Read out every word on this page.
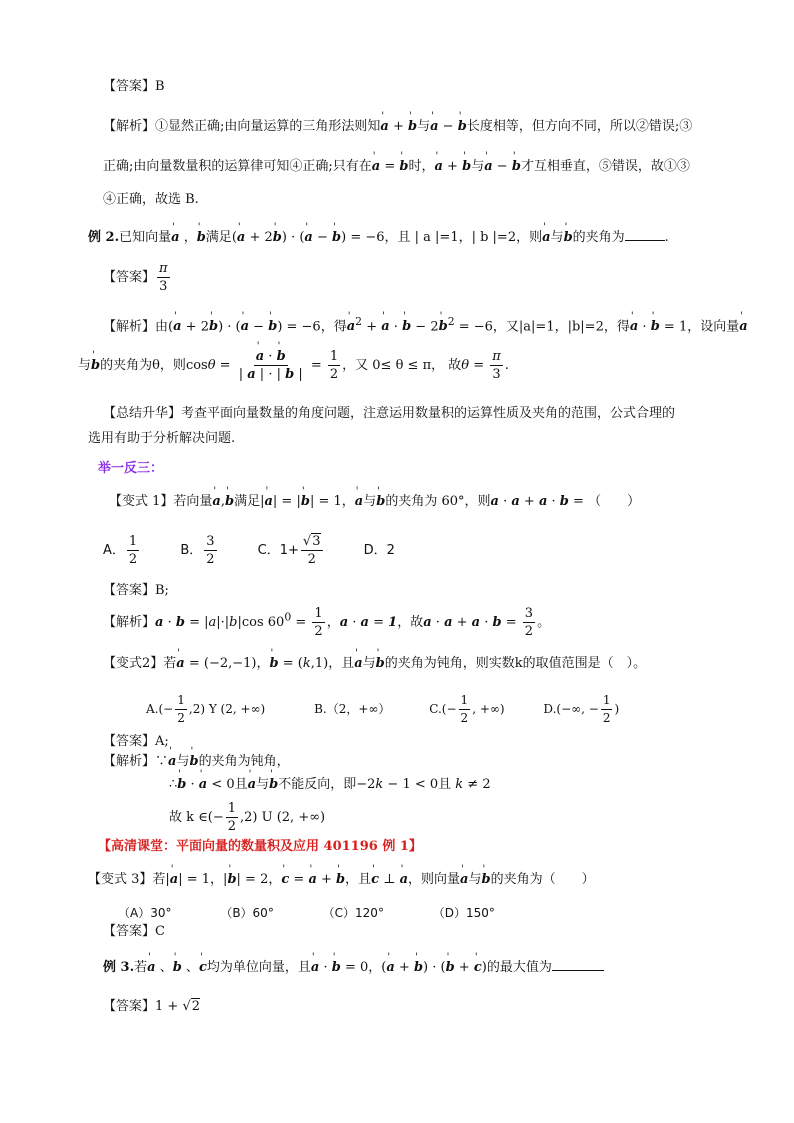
【答案】B
【解析】①显然正确;由向量运算的三角形法则知' a + ' b与' a − ' b长度相等，但方向不同，所以②错误;③
正确;由向量数量积的运算律可知④正确;只有在' a = ' b时，' a + ' b与' a − ' b才互相垂直，⑤错误，故①③
④正确，故选 B.
例 2.已知向量' a ，' b满足(' a + 2' b) · (' a − ' b) = −6，且 | a |=1，| b |=2，则' a与' b的夹角为	.
【答案】 $\frac{\pi}{3}$
【解析】由(' a + 2' b) · (' a − ' b) = −6，得' $a^2$ + ' a · ' b − 2' $b^2 = -6$，又|a|=1，|b|=2，得' a · ' b = 1，设向量' a
与' b的夹角为θ，则cosθ =
' $\frac{a \cdot ' b}{| a | \cdot | b |} = \frac{1}{2}$ ，又 0≤ θ ≤ π， 故$\theta = \frac{\pi}{3}$ .
【总结升华】考查平面向量数量的角度问题，注意运用数量积的运算性质及夹角的范围，公式合理的
选用有助于分析解决问题.
举一反三：
【变式 1】若向量' a,' b满足|' a| = |' b| = 1，' a与' b的夹角为 60°，则a · a + a · b = （　　）
A． $\frac{1}{2}$	B． $\frac{3}{2}$	C．$1+ \frac{√3}{2}$	D．2
【答案】B;
【解析】a · b = |a|·|b|cos $60^0 = \frac{1}{2}$ ，a · a = 1，故$a \cdot a + a \cdot b = \frac{3}{2}$ 。
【变式2】若' a = (−2,−1)，' b = (k,1)，且' a与' b的夹角为钝角，则实数k的取值范围是（　）。
$A.(- \frac{1}{2} ,2)$ Y (2, +∞)	B.（2，+∞）	$C.(- \frac{1}{2}$ , +∞)	D.(−∞, − $\frac{1}{2}$ )
【答案】A;
【解析】∵' a与' b的夹角为钝角，
∴' b · ' a < 0且' a与' b不能反向，即−2k − 1 < 0且 k ≠ 2
故 k ∈(− $\frac{1}{2} ,2$) U (2, +∞)
【高清课堂：平面向量的数量积及应用 401196 例 1】
【变式 3】若|' a| = 1，|' b| = 2，' c = ' a + ' b，且' c ⊥ ' a，则向量' a与' b的夹角为（　　）
（A）30°	（B）60°	（C）120°	（D）150°
【答案】C
例 3.若' a 、' b 、' c均为单位向量，且' a · ' b = 0，(' a + ' b) · (' b + ' c)的最大值为
【答案】1 + √2
